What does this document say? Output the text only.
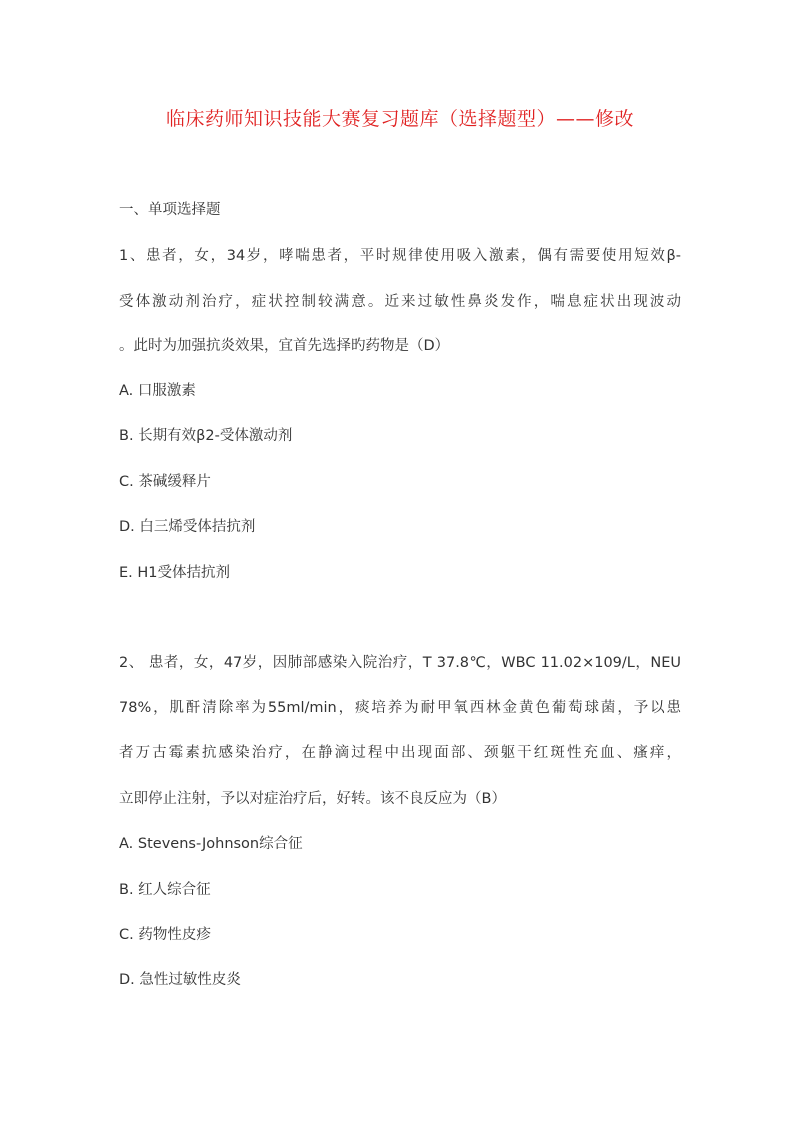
临床药师知识技能大赛复习题库（选择题型）——修改
一、单项选择题
1、患者，女，34岁，哮喘患者，平时规律使用吸入激素，偶有需要使用短效β-
受体激动剂治疗，症状控制较满意。近来过敏性鼻炎发作，喘息症状出现波动
。此时为加强抗炎效果，宜首先选择旳药物是（D）
A. 口服激素
B. 长期有效β2-受体激动剂
C. 茶碱缓释片
D. 白三烯受体拮抗剂
E. H1受体拮抗剂
2、 患者，女，47岁，因肺部感染入院治疗，T 37.8℃，WBC 11.02×109/L，NEU
78%，肌酐清除率为55ml/min，痰培养为耐甲氧西林金黄色葡萄球菌，予以患
者万古霉素抗感染治疗，在静滴过程中出现面部、颈躯干红斑性充血、瘙痒，
立即停止注射，予以对症治疗后，好转。该不良反应为（B）
A. Stevens-Johnson综合征
B. 红人综合征
C. 药物性皮疹
D. 急性过敏性皮炎
